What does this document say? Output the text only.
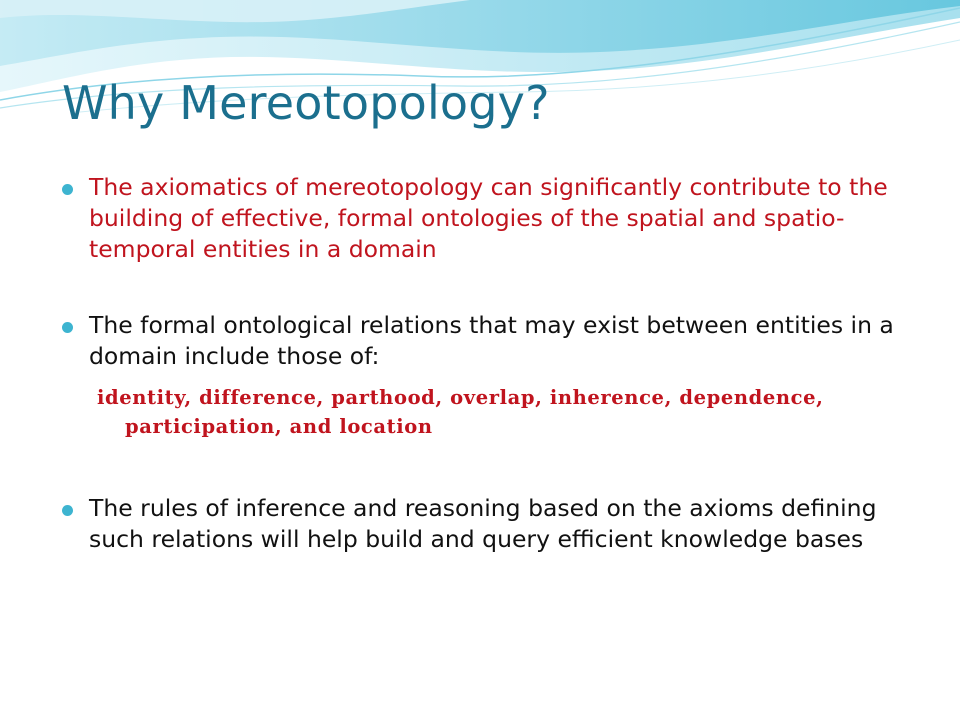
Why Mereotopology?
The axiomatics of mereotopology can significantly contribute to the building of effective, formal ontologies of the spatial and spatio-temporal entities in a domain
The formal ontological relations that may exist between entities in a domain include those of:
identity, difference, parthood, overlap, inherence, dependence, participation, and location
The rules of inference and reasoning based on the axioms defining such relations will help build and query efficient knowledge bases
